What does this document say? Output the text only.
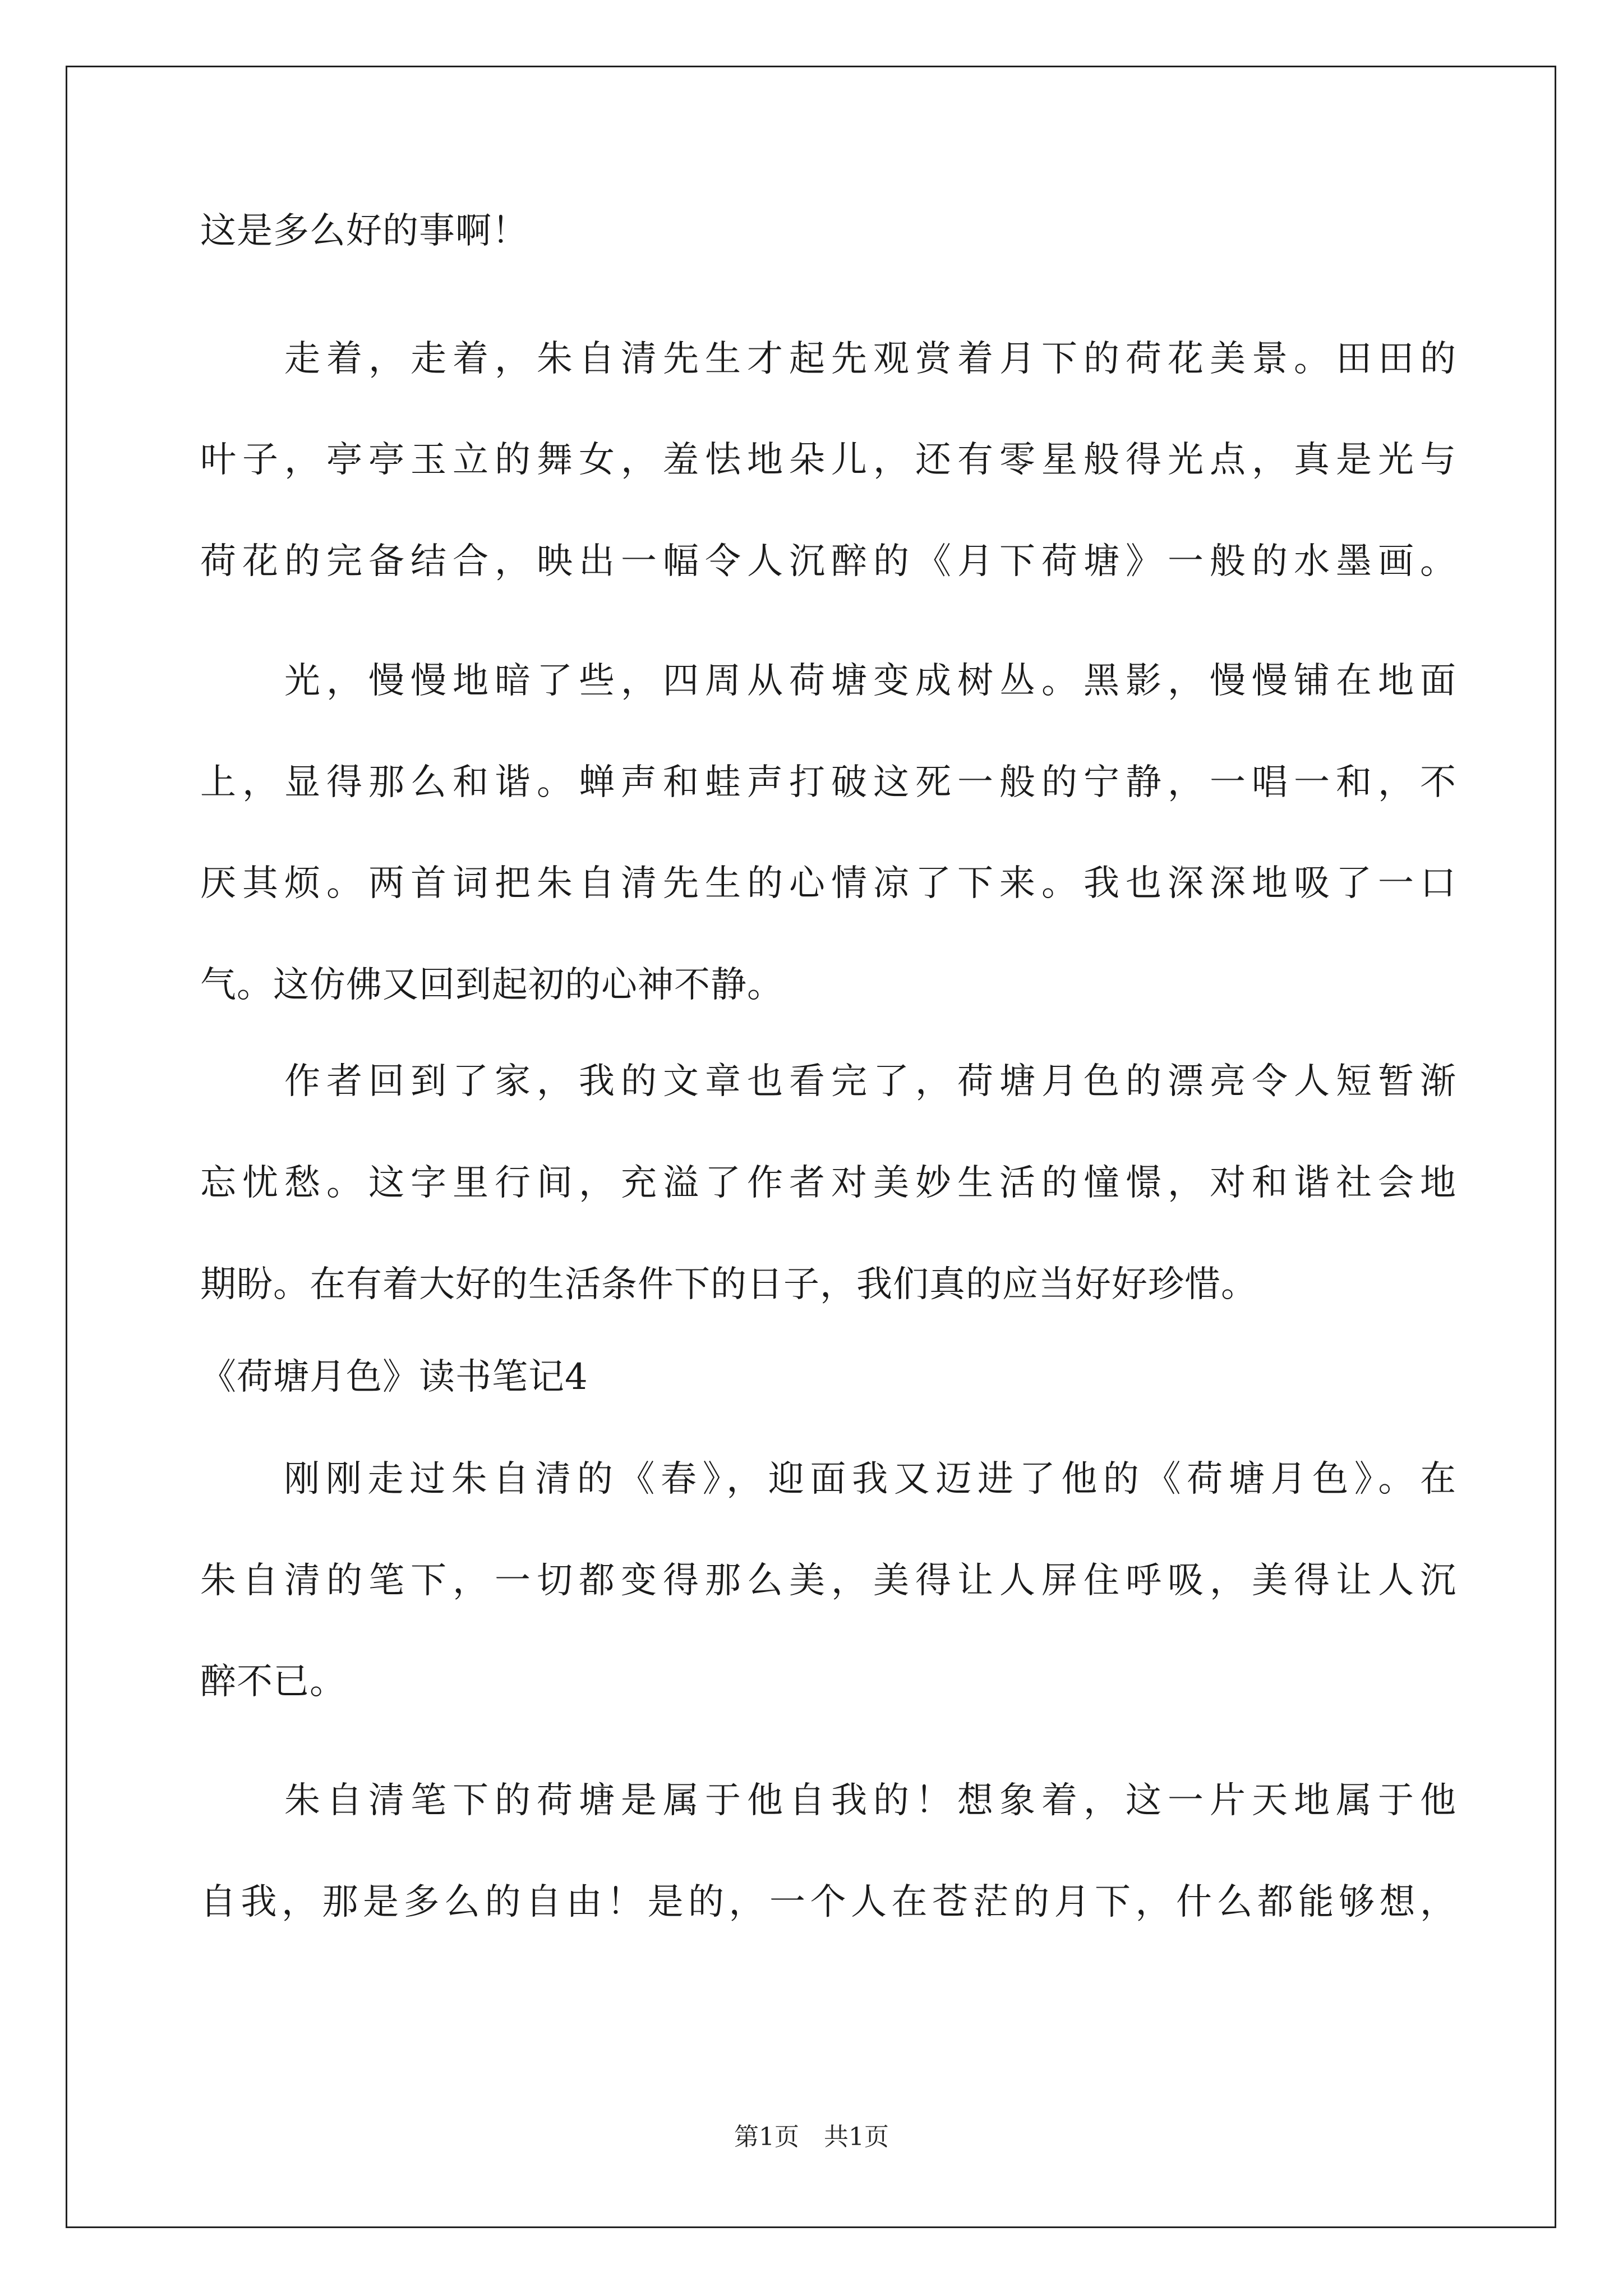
这是多么好的事啊！
　　走着，走着，朱自清先生才起先观赏着月下的荷花美景。田田的
叶子，亭亭玉立的舞女，羞怯地朵儿，还有零星般得光点，真是光与
荷花的完备结合，映出一幅令人沉醉的《月下荷塘》一般的水墨画。
　　光，慢慢地暗了些，四周从荷塘变成树丛。黑影，慢慢铺在地面
上，显得那么和谐。蝉声和蛙声打破这死一般的宁静，一唱一和，不
厌其烦。两首词把朱自清先生的心情凉了下来。我也深深地吸了一口
气。这仿佛又回到起初的心神不静。
　　作者回到了家，我的文章也看完了，荷塘月色的漂亮令人短暂渐
忘忧愁。这字里行间，充溢了作者对美妙生活的憧憬，对和谐社会地
期盼。在有着大好的生活条件下的日子，我们真的应当好好珍惜。
《荷塘月色》读书笔记4
　　刚刚走过朱自清的《春》，迎面我又迈进了他的《荷塘月色》。在
朱自清的笔下，一切都变得那么美，美得让人屏住呼吸，美得让人沉
醉不已。
　　朱自清笔下的荷塘是属于他自我的！想象着，这一片天地属于他
自我，那是多么的自由！是的，一个人在苍茫的月下，什么都能够想，
第1页　共1页
